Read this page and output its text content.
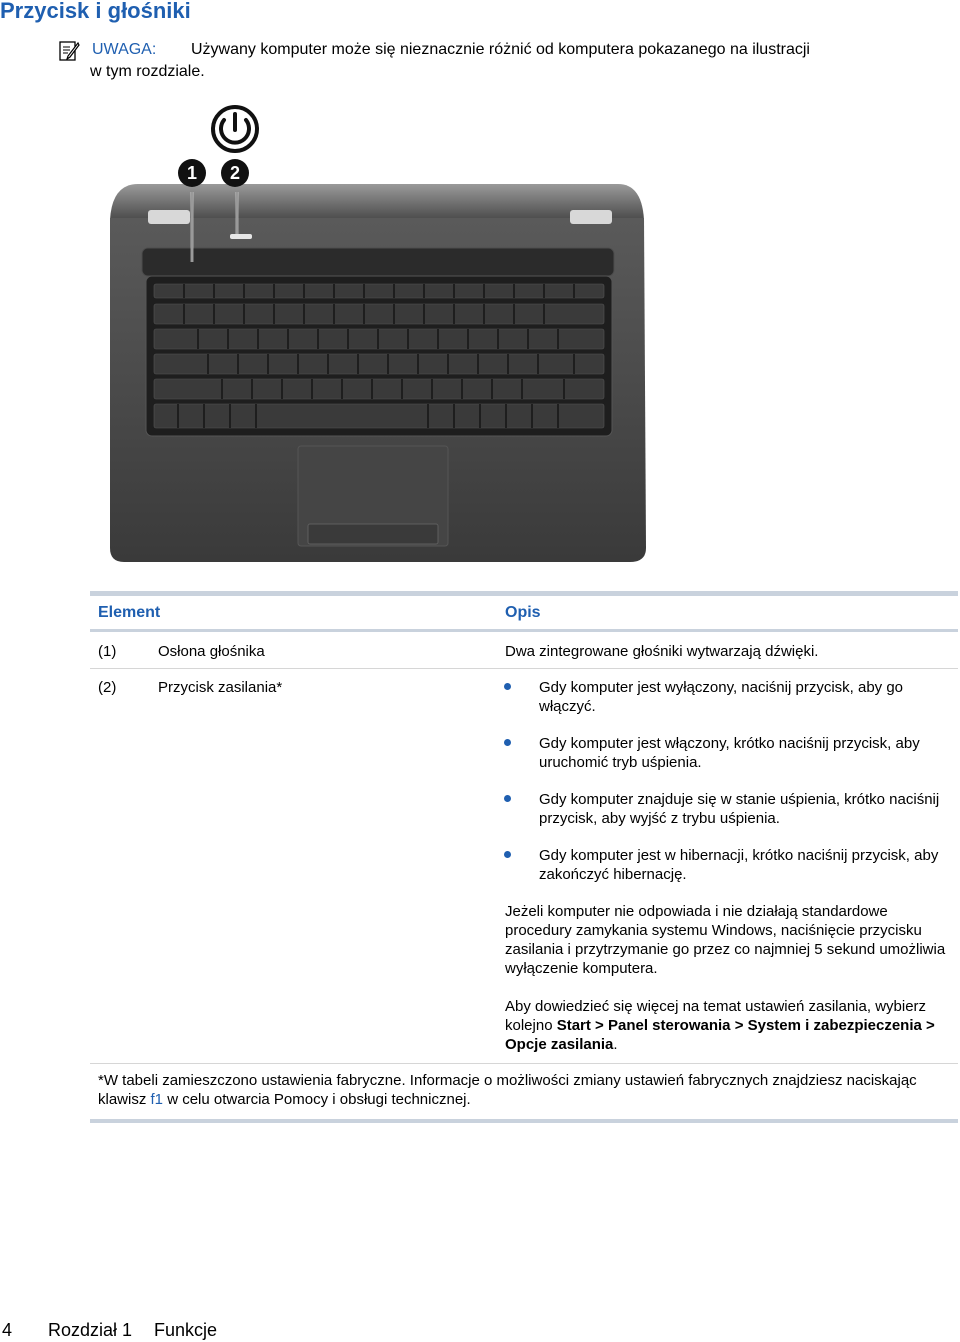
Przycisk i głośniki
UWAGA: Używany komputer może się nieznacznie różnić od komputera pokazanego na ilustracji
w tym rozdziale.
1 2
Element	Opis
(1)	Osłona głośnika	Dwa zintegrowane głośniki wytwarzają dźwięki.
(2)	Przycisk zasilania*	Gdy komputer jest wyłączony, naciśnij przycisk, aby go
włączyć.
Gdy komputer jest włączony, krótko naciśnij przycisk, aby
uruchomić tryb uśpienia.
Gdy komputer znajduje się w stanie uśpienia, krótko naciśnij
przycisk, aby wyjść z trybu uśpienia.
Gdy komputer jest w hibernacji, krótko naciśnij przycisk, aby
zakończyć hibernację.
Jeżeli komputer nie odpowiada i nie działają standardowe
procedury zamykania systemu Windows, naciśnięcie przycisku
zasilania i przytrzymanie go przez co najmniej 5 sekund umożliwia
wyłączenie komputera.
Aby dowiedzieć się więcej na temat ustawień zasilania, wybierz
kolejno Start > Panel sterowania > System i zabezpieczenia >
Opcje zasilania.
*W tabeli zamieszczono ustawienia fabryczne. Informacje o możliwości zmiany ustawień fabrycznych znajdziesz naciskając
klawisz f1 w celu otwarcia Pomocy i obsługi technicznej.
4 Rozdział 1 Funkcje
